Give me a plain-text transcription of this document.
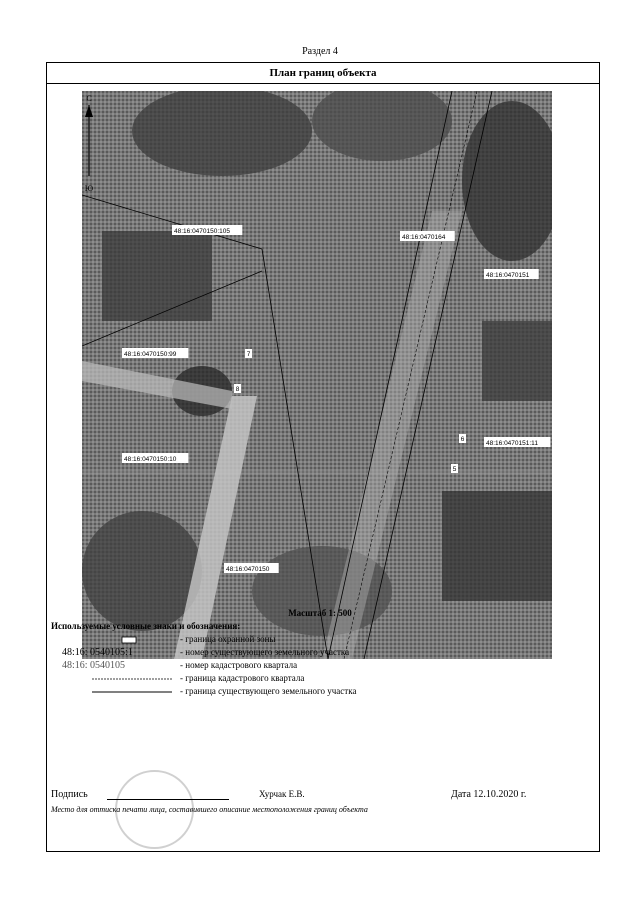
Раздел 4
План границ объекта
48:16:0470150:105
48:16:0470164
48:16:0470151
48:16:0470150:99
48:16:0470151:11
48:16:0470150:10
48:16:0470150
7
8
6
5
С
Ю
Масштаб 1: 500
Используемые условные знаки и обозначения:
- граница охранной зоны
48:16: 0540105:1	- номер существующего земельного участка
48:16: 0540105	- номер кадастрового квартала
- граница кадастрового квартала
- граница существующего земельного участка
Подпись	Хурчак Е.В.	Дата 12.10.2020 г.
Место для оттиска печати лица, составившего описание местоположения границ объекта
